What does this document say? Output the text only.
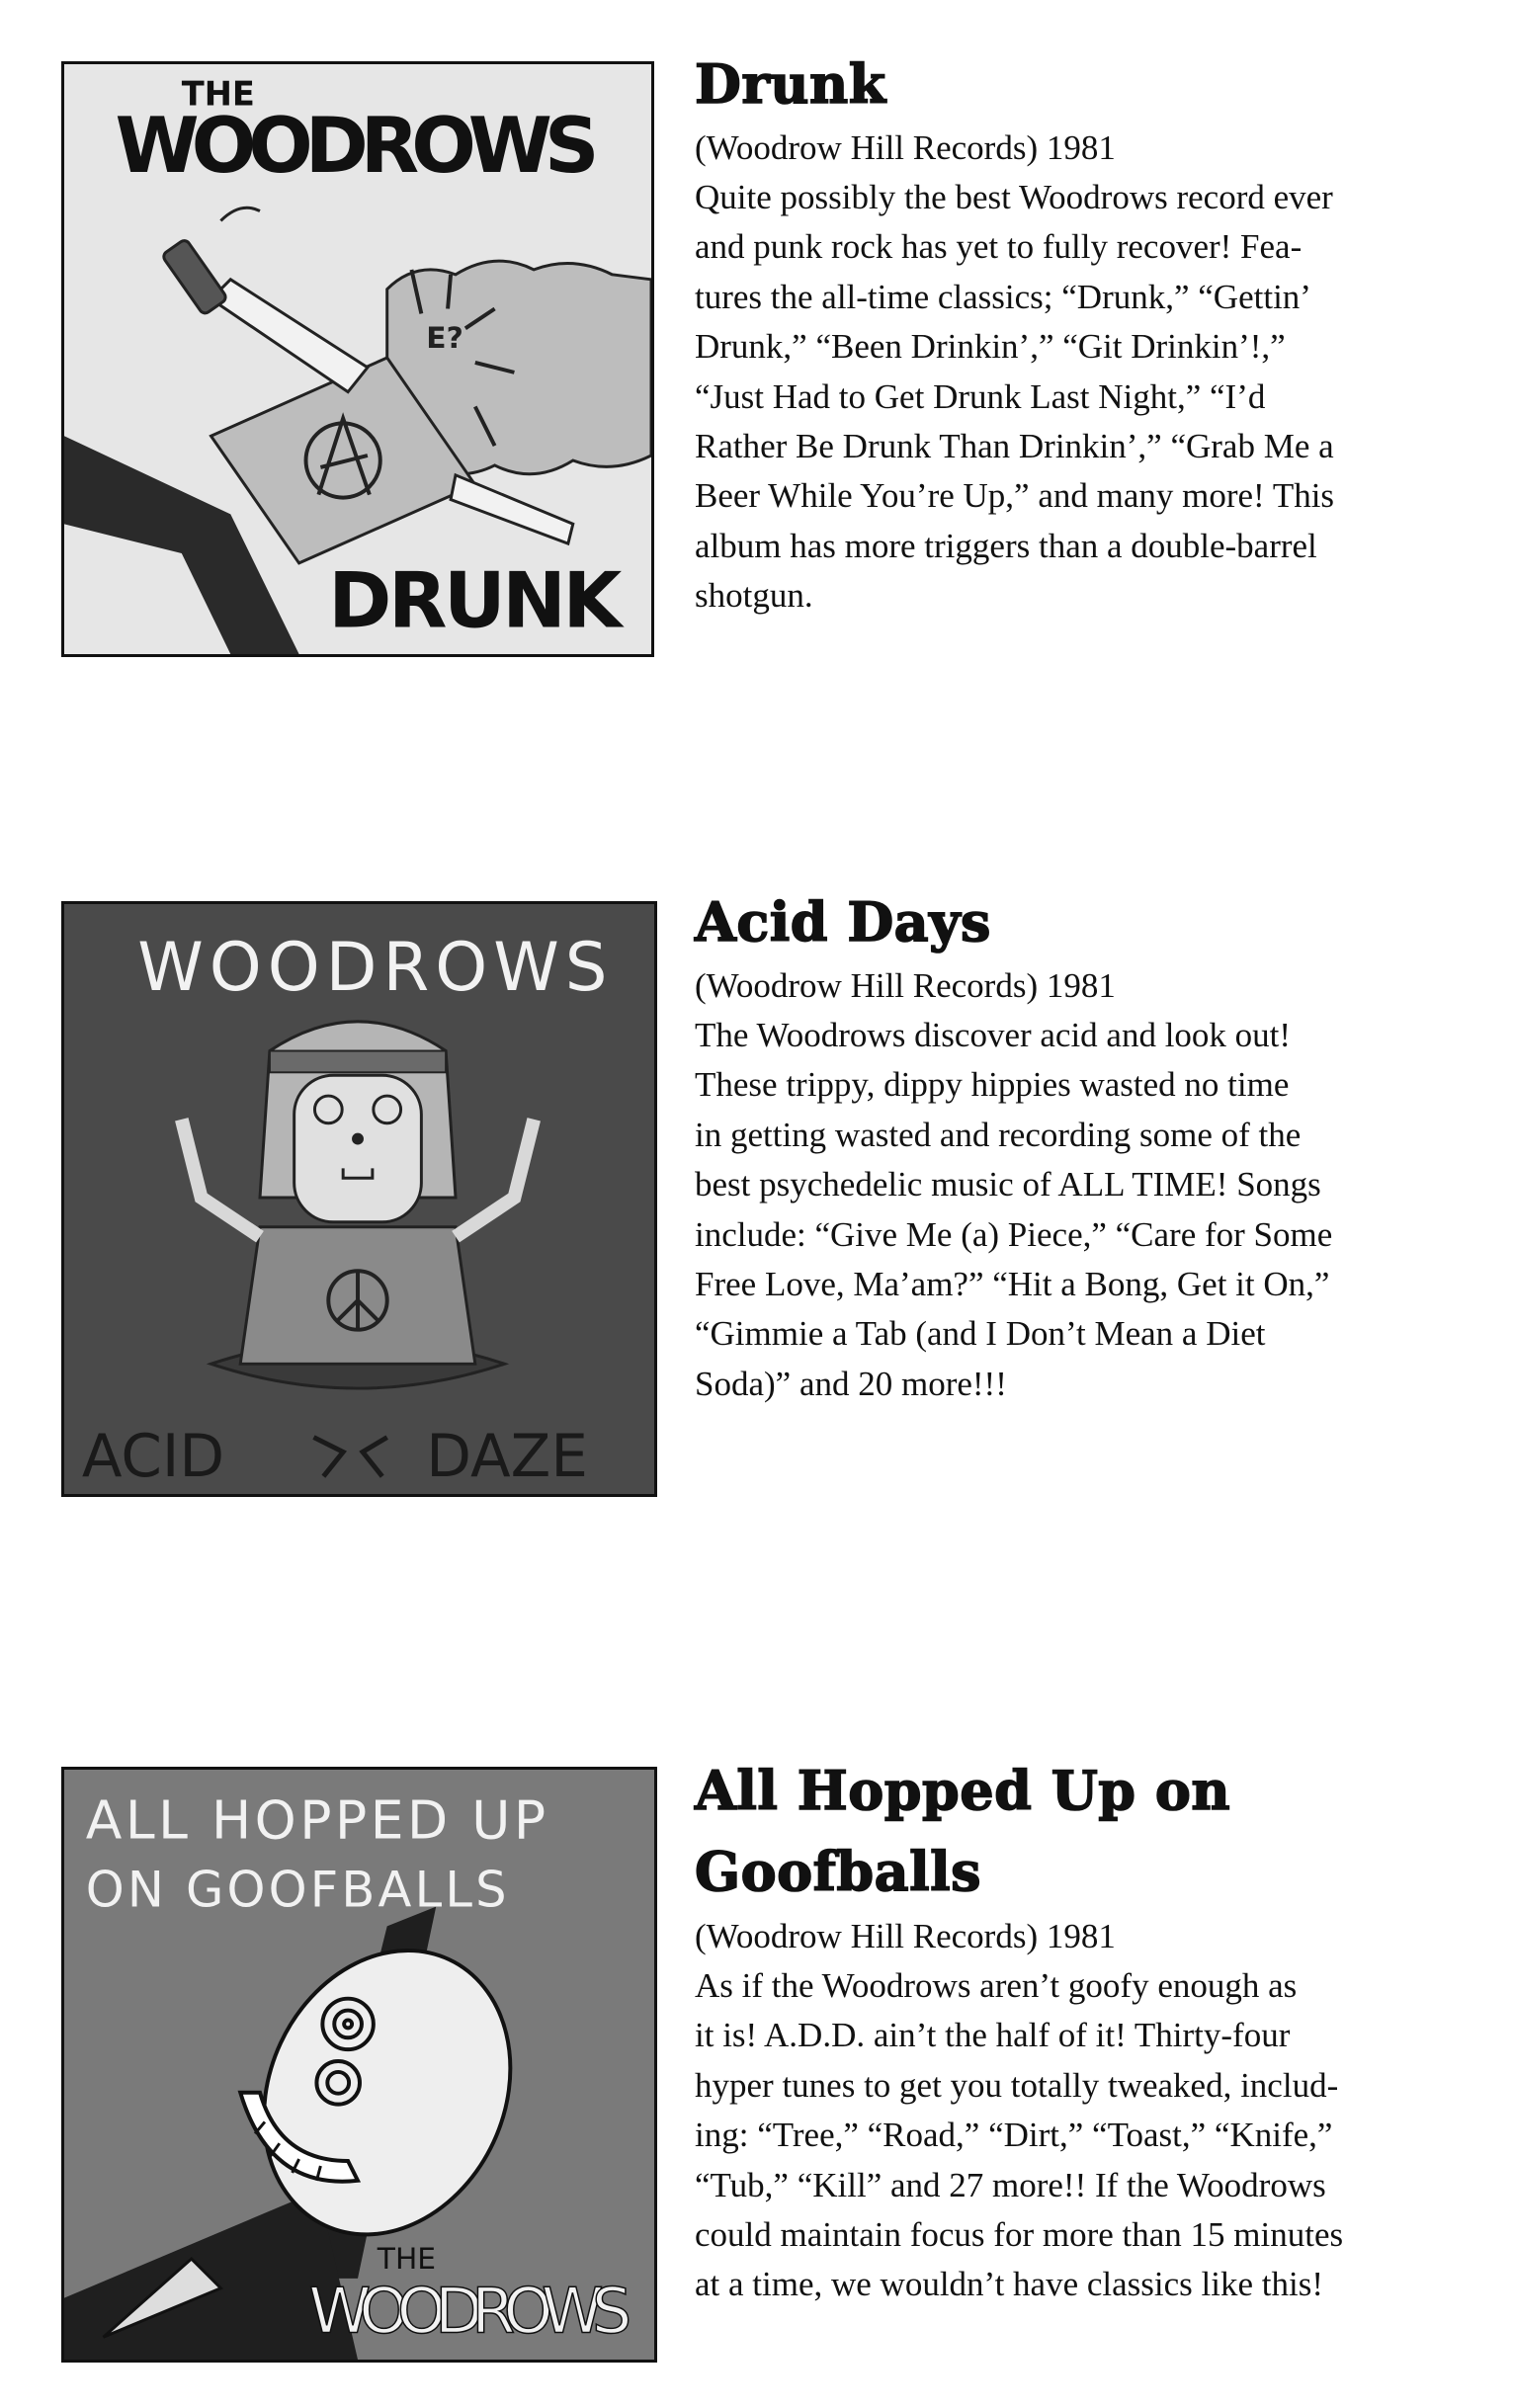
E?
THE
WOODROWS
DRUNK
Drunk

(Woodrow Hill Records) 1981

Quite possibly the best Woodrows record ever
and punk rock has yet to fully recover! Fea-
tures the all-time classics; “Drunk,” “Gettin’
Drunk,” “Been Drinkin’,” “Git Drinkin’!,”
“Just Had to Get Drunk Last Night,” “I’d
Rather Be Drunk Than Drinkin’,” “Grab Me a
Beer While You’re Up,” and many more! This
album has more triggers than a double-barrel
shotgun.

WOODROWS
ACID	DAZE
Acid Days

(Woodrow Hill Records) 1981

The Woodrows discover acid and look out!
These trippy, dippy hippies wasted no time
in getting wasted and recording some of the
best psychedelic music of ALL TIME! Songs
include: “Give Me (a) Piece,” “Care for Some
Free Love, Ma’am?” “Hit a Bong, Get it On,”
“Gimmie a Tab (and I Don’t Mean a Diet
Soda)” and 20 more!!!

ALL HOPPED UP
ON GOOFBALLS
THE
WOODROWS
All Hopped Up on
Goofballs

(Woodrow Hill Records) 1981

As if the Woodrows aren’t goofy enough as
it is! A.D.D. ain’t the half of it! Thirty-four
hyper tunes to get you totally tweaked, includ-
ing: “Tree,” “Road,” “Dirt,” “Toast,” “Knife,”
“Tub,” “Kill” and 27 more!! If the Woodrows
could maintain focus for more than 15 minutes
at a time, we wouldn’t have classics like this!
